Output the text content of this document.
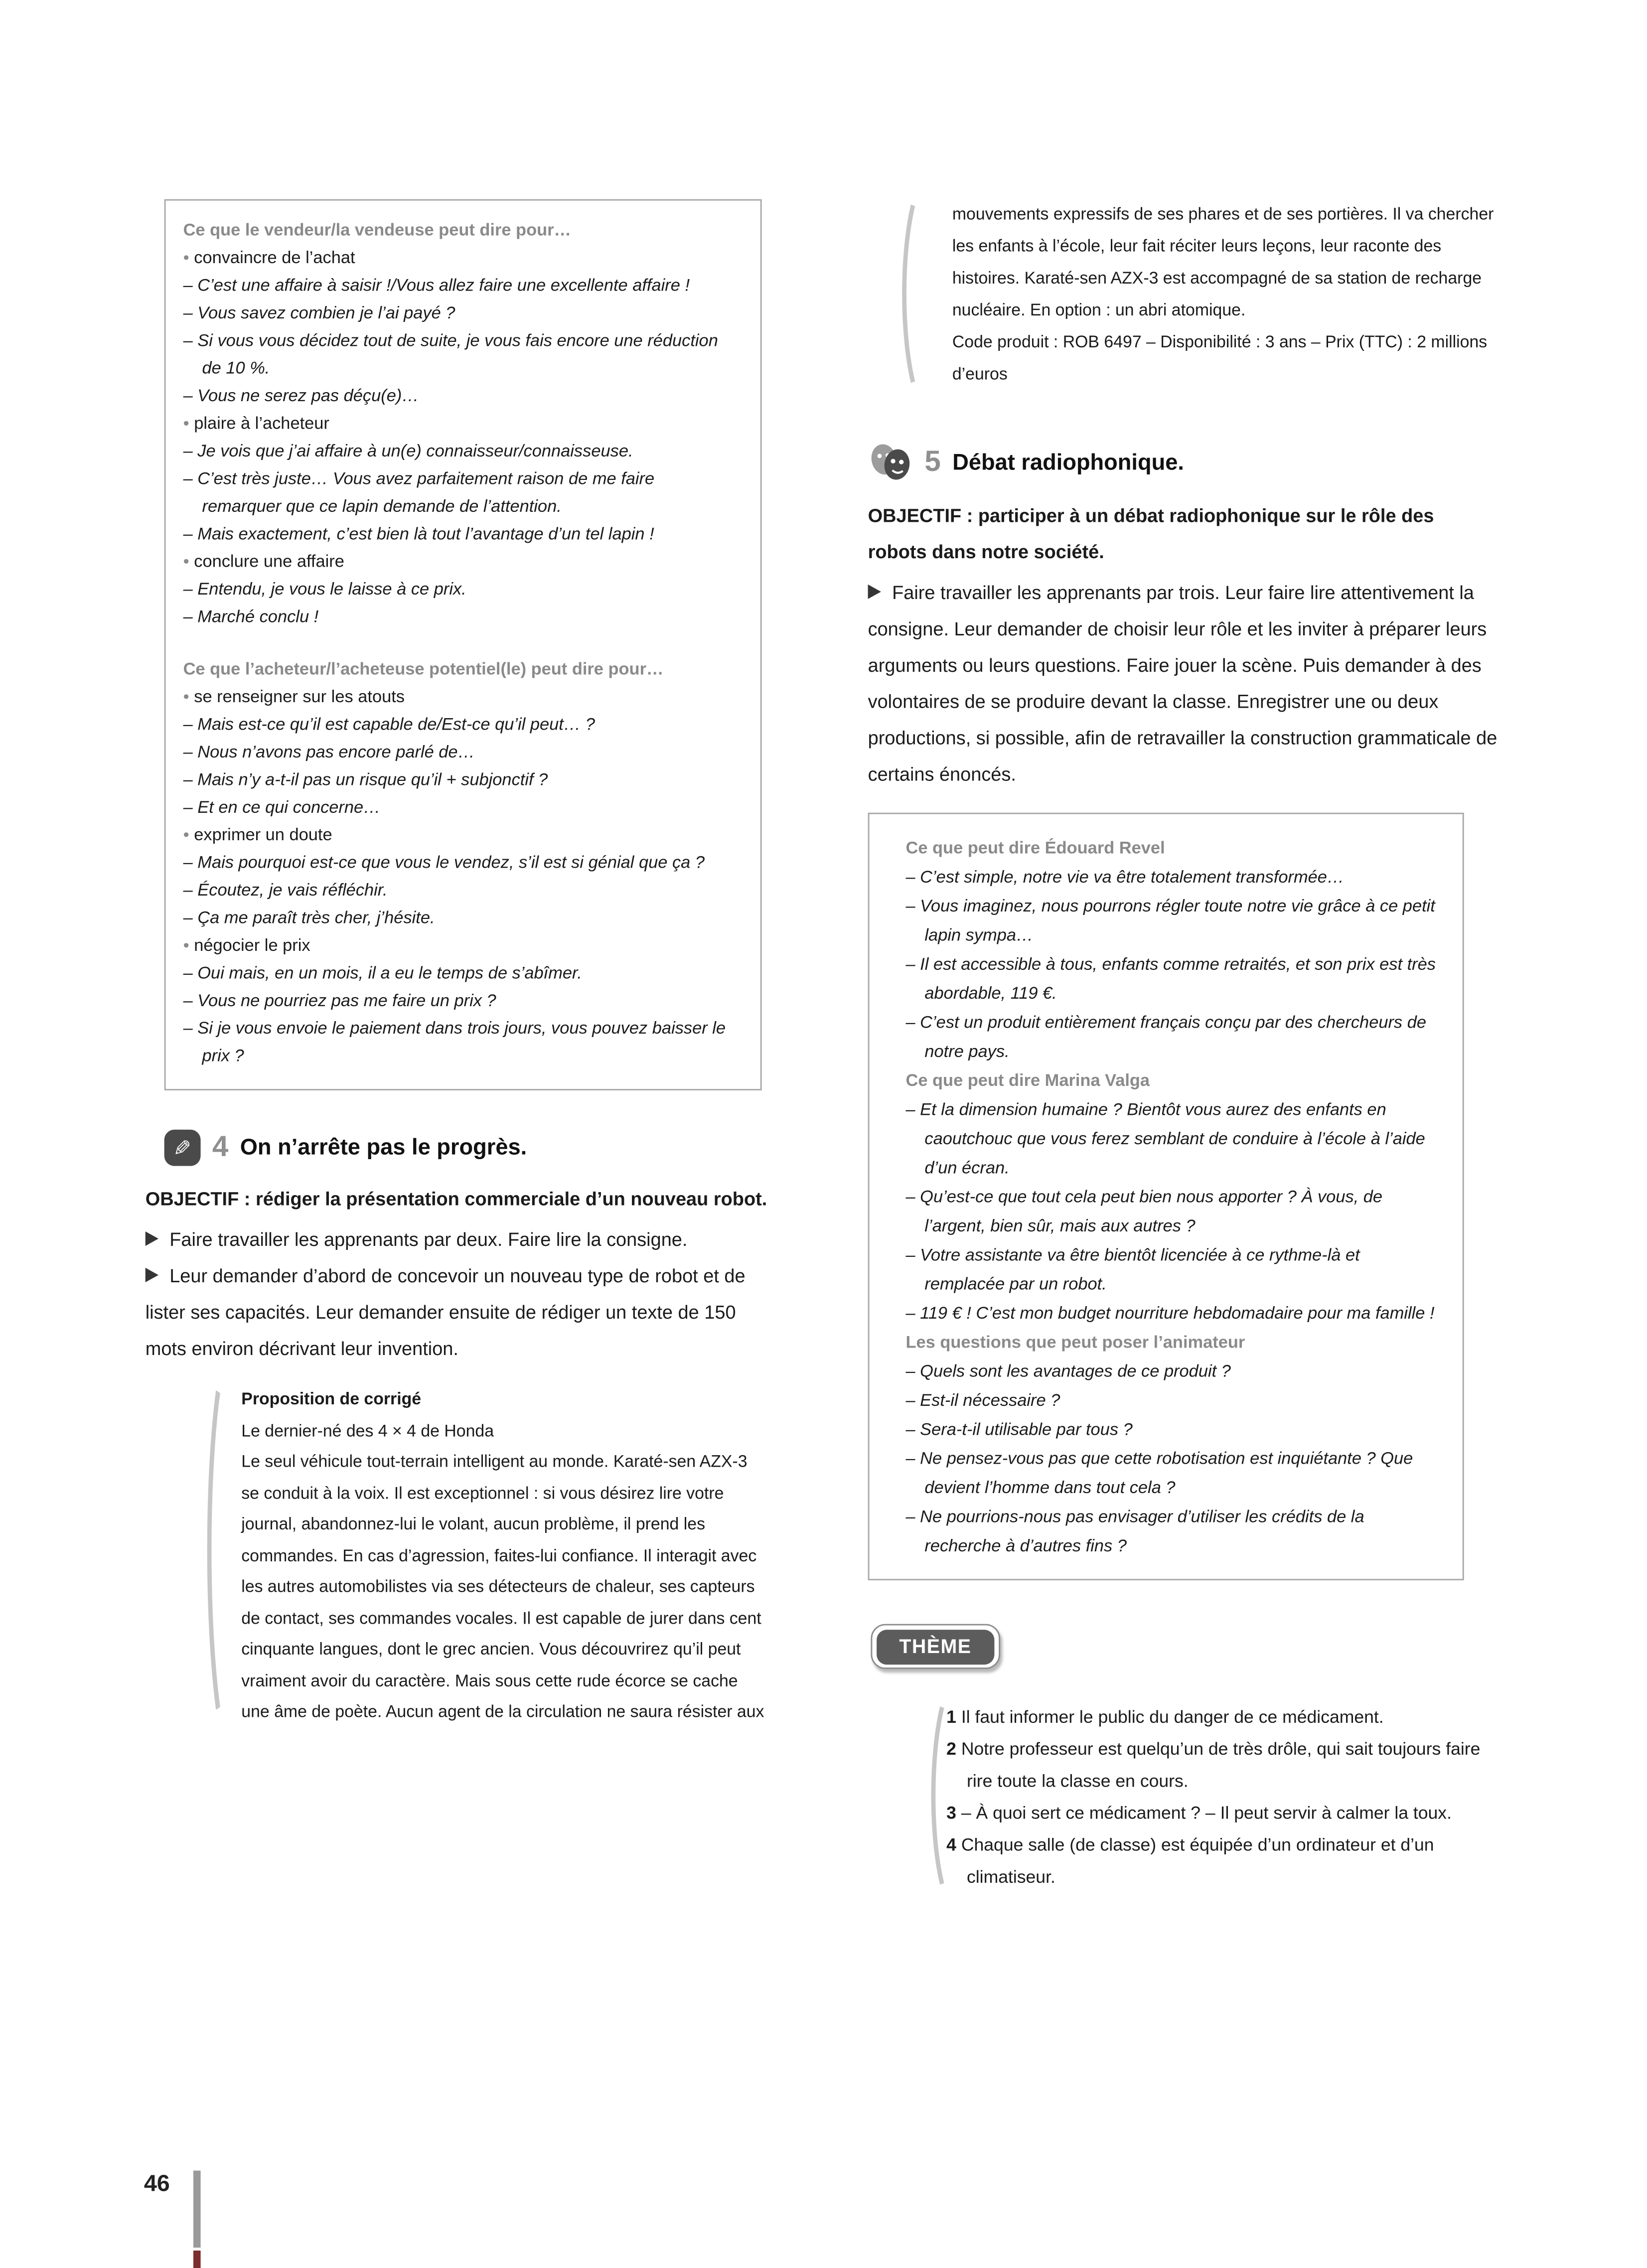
Ce que le vendeur/la vendeuse peut dire pour…
• convaincre de l’achat
– C’est une affaire à saisir !/Vous allez faire une excellente affaire !
– Vous savez combien je l’ai payé ?
– Si vous vous décidez tout de suite, je vous fais encore une réduction de 10 %.
– Vous ne serez pas déçu(e)…
• plaire à l’acheteur
– Je vois que j’ai affaire à un(e) connaisseur/connaisseuse.
– C’est très juste… Vous avez parfaitement raison de me faire remarquer que ce lapin demande de l’attention.
– Mais exactement, c’est bien là tout l’avantage d’un tel lapin !
• conclure une affaire
– Entendu, je vous le laisse à ce prix.
– Marché conclu !
Ce que l’acheteur/l’acheteuse potentiel(le) peut dire pour…
• se renseigner sur les atouts
– Mais est-ce qu’il est capable de/Est-ce qu’il peut… ?
– Nous n’avons pas encore parlé de…
– Mais n’y a-t-il pas un risque qu’il + subjonctif ?
– Et en ce qui concerne…
• exprimer un doute
– Mais pourquoi est-ce que vous le vendez, s’il est si génial que ça ?
– Écoutez, je vais réfléchir.
– Ça me paraît très cher, j’hésite.
• négocier le prix
– Oui mais, en un mois, il a eu le temps de s’abîmer.
– Vous ne pourriez pas me faire un prix ?
– Si je vous envoie le paiement dans trois jours, vous pouvez baisser le prix ?
✎ 4 On n’arrête pas le progrès.

OBJECTIF : rédiger la présentation commerciale d’un nouveau robot.

Faire travailler les apprenants par deux. Faire lire la consigne.

Leur demander d’abord de concevoir un nouveau type de robot et de lister ses capacités. Leur demander ensuite de rédiger un texte de 150 mots environ décrivant leur invention.

Proposition de corrigé
Le dernier-né des 4 × 4 de Honda
Le seul véhicule tout-terrain intelligent au monde. Karaté-sen AZX-3 se conduit à la voix. Il est exceptionnel : si vous désirez lire votre journal, abandonnez-lui le volant, aucun problème, il prend les commandes. En cas d’agression, faites-lui confiance. Il interagit avec les autres automobilistes via ses détecteurs de chaleur, ses capteurs de contact, ses commandes vocales. Il est capable de jurer dans cent cinquante langues, dont le grec ancien. Vous découvrirez qu’il peut vraiment avoir du caractère. Mais sous cette rude écorce se cache une âme de poète. Aucun agent de la circulation ne saura résister aux
mouvements expressifs de ses phares et de ses portières. Il va chercher les enfants à l’école, leur fait réciter leurs leçons, leur raconte des histoires. Karaté-sen AZX-3 est accompagné de sa station de recharge nucléaire. En option : un abri atomique.
Code produit : ROB 6497 – Disponibilité : 3 ans – Prix (TTC) : 2 millions d’euros
5 Débat radiophonique.

OBJECTIF : participer à un débat radiophonique sur le rôle des robots dans notre société.

Faire travailler les apprenants par trois. Leur faire lire attentivement la consigne. Leur demander de choisir leur rôle et les inviter à préparer leurs arguments ou leurs questions. Faire jouer la scène. Puis demander à des volontaires de se produire devant la classe. Enregistrer une ou deux productions, si possible, afin de retravailler la construction grammaticale de certains énoncés.

Ce que peut dire Édouard Revel
– C’est simple, notre vie va être totalement transformée…
– Vous imaginez, nous pourrons régler toute notre vie grâce à ce petit lapin sympa…
– Il est accessible à tous, enfants comme retraités, et son prix est très abordable, 119 €.
– C’est un produit entièrement français conçu par des chercheurs de notre pays.
Ce que peut dire Marina Valga
– Et la dimension humaine ? Bientôt vous aurez des enfants en caoutchouc que vous ferez semblant de conduire à l’école à l’aide d’un écran.
– Qu’est-ce que tout cela peut bien nous apporter ? À vous, de l’argent, bien sûr, mais aux autres ?
– Votre assistante va être bientôt licenciée à ce rythme-là et remplacée par un robot.
– 119 € ! C’est mon budget nourriture hebdomadaire pour ma famille !
Les questions que peut poser l’animateur
– Quels sont les avantages de ce produit ?
– Est-il nécessaire ?
– Sera-t-il utilisable par tous ?
– Ne pensez-vous pas que cette robotisation est inquiétante ? Que devient l’homme dans tout cela ?
– Ne pourrions-nous pas envisager d’utiliser les crédits de la recherche à d’autres fins ?
THÈME
1 Il faut informer le public du danger de ce médicament.
2 Notre professeur est quelqu’un de très drôle, qui sait toujours faire rire toute la classe en cours.
3 – À quoi sert ce médicament ? – Il peut servir à calmer la toux.
4 Chaque salle (de classe) est équipée d’un ordinateur et d’un climatiseur.
46
